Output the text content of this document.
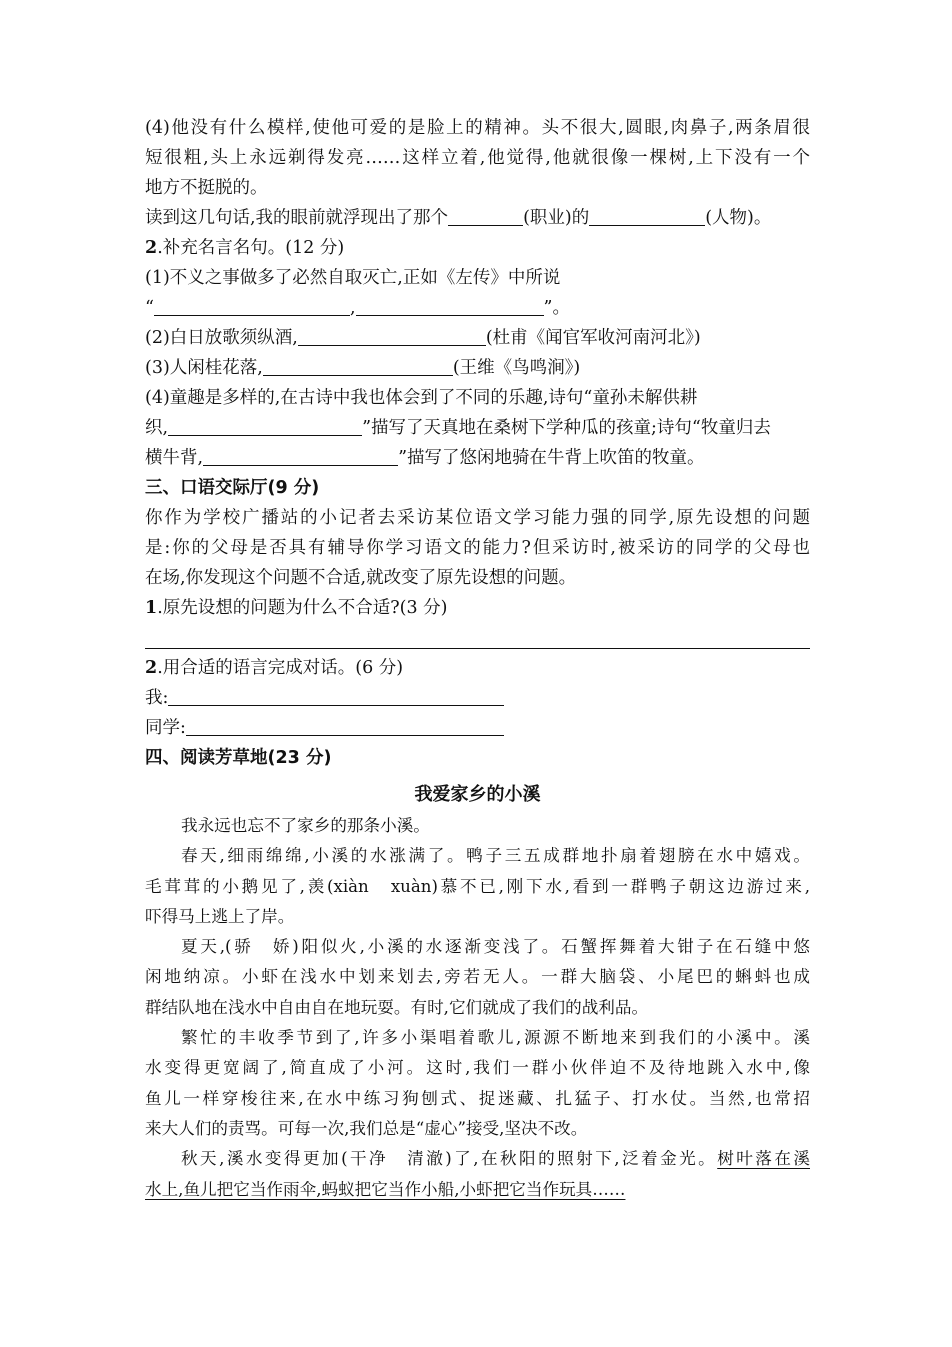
(4)他没有什么模样,使他可爱的是脸上的精神。头不很大,圆眼,肉鼻子,两条眉很
短很粗,头上永远剃得发亮……这样立着,他觉得,他就很像一棵树,上下没有一个
地方不挺脱的。
读到这几句话,我的眼前就浮现出了那个	(职业)的	(人物)。
2.补充名言名句。(12 分)
(1)不义之事做多了必然自取灭亡,正如《左传》中所说
“	,	”。
(2)白日放歌须纵酒,	(杜甫《闻官军收河南河北》)
(3)人闲桂花落,	(王维《鸟鸣涧》)
(4)童趣是多样的,在古诗中我也体会到了不同的乐趣,诗句“童孙未解供耕
织,	”描写了天真地在桑树下学种瓜的孩童;诗句“牧童归去
横牛背,	”描写了悠闲地骑在牛背上吹笛的牧童。
三、口语交际厅(9 分)
你作为学校广播站的小记者去采访某位语文学习能力强的同学,原先设想的问题
是:你的父母是否具有辅导你学习语文的能力?但采访时,被采访的同学的父母也
在场,你发现这个问题不合适,就改变了原先设想的问题。
1.原先设想的问题为什么不合适?(3 分)
2.用合适的语言完成对话。(6 分)
我:
同学:
四、阅读芳草地(23 分)
我爱家乡的小溪
我永远也忘不了家乡的那条小溪。
春天,细雨绵绵,小溪的水涨满了。鸭子三五成群地扑扇着翅膀在水中嬉戏。
毛茸茸的小鹅见了,羡(xiàn　xuàn)慕不已,刚下水,看到一群鸭子朝这边游过来,
吓得马上逃上了岸。
夏天,(骄　娇)阳似火,小溪的水逐渐变浅了。石蟹挥舞着大钳子在石缝中悠
闲地纳凉。小虾在浅水中划来划去,旁若无人。一群大脑袋、小尾巴的蝌蚪也成
群结队地在浅水中自由自在地玩耍。有时,它们就成了我们的战利品。
繁忙的丰收季节到了,许多小渠唱着歌儿,源源不断地来到我们的小溪中。溪
水变得更宽阔了,简直成了小河。这时,我们一群小伙伴迫不及待地跳入水中,像
鱼儿一样穿梭往来,在水中练习狗刨式、捉迷藏、扎猛子、打水仗。当然,也常招
来大人们的责骂。可每一次,我们总是“虚心”接受,坚决不改。
秋天,溪水变得更加(干净　清澈)了,在秋阳的照射下,泛着金光。树叶落在溪
水上,鱼儿把它当作雨伞,蚂蚁把它当作小船,小虾把它当作玩具……
